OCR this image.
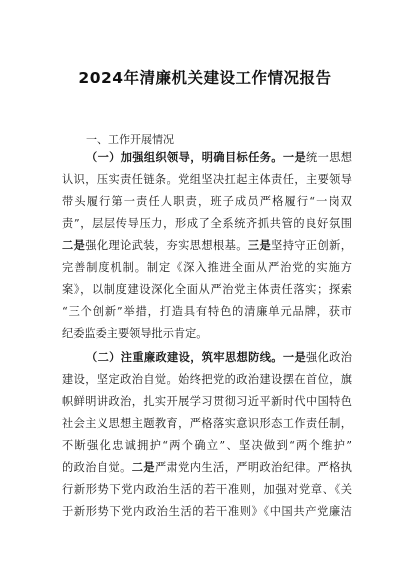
2024年清廉机关建设工作情况报告
一、工作开展情况
（一）加强组织领导，明确目标任务。一是统一思想
认识，压实责任链条。党组坚决扛起主体责任，主要领导
带头履行第一责任人职责，班子成员严格履行“一岗双
责”，层层传导压力，形成了全系统齐抓共管的良好氛围
二是强化理论武装，夯实思想根基。三是坚持守正创新，
完善制度机制。制定《深入推进全面从严治党的实施方
案》，以制度建设深化全面从严治党主体责任落实；探索
“三个创新”举措，打造具有特色的清廉单元品牌，获市
纪委监委主要领导批示肯定。
（二）注重廉政建设，筑牢思想防线。一是强化政治
建设，坚定政治自觉。始终把党的政治建设摆在首位，旗
帜鲜明讲政治，扎实开展学习贯彻习近平新时代中国特色
社会主义思想主题教育，严格落实意识形态工作责任制，
不断强化忠诚拥护“两个确立”、坚决做到“两个维护”
的政治自觉。二是严肃党内生活，严明政治纪律。严格执
行新形势下党内政治生活的若干准则，加强对党章、《关
于新形势下党内政治生活的若干准则》《中国共产党廉洁
